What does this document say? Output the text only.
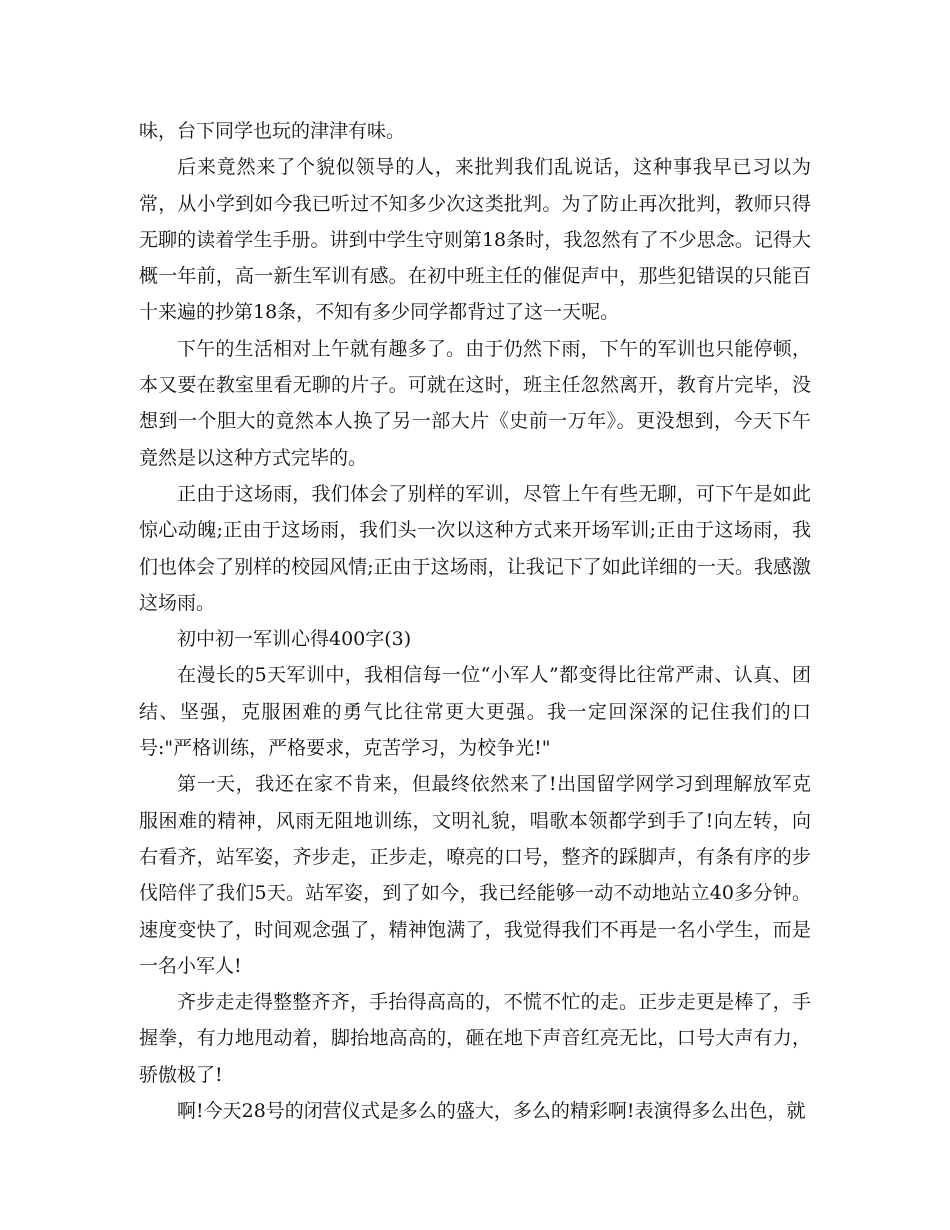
味，台下同学也玩的津津有味。

后来竟然来了个貌似领导的人，来批判我们乱说话，这种事我早已习以为常，从小学到如今我已听过不知多少次这类批判。为了防止再次批判，教师只得无聊的读着学生手册。讲到中学生守则第18条时，我忽然有了不少思念。记得大概一年前，高一新生军训有感。在初中班主任的催促声中，那些犯错误的只能百十来遍的抄第18条，不知有多少同学都背过了这一天呢。

下午的生活相对上午就有趣多了。由于仍然下雨，下午的军训也只能停顿，本又要在教室里看无聊的片子。可就在这时，班主任忽然离开，教育片完毕，没想到一个胆大的竟然本人换了另一部大片《史前一万年》。更没想到，今天下午竟然是以这种方式完毕的。

正由于这场雨，我们体会了别样的军训，尽管上午有些无聊，可下午是如此惊心动魄;正由于这场雨，我们头一次以这种方式来开场军训;正由于这场雨，我们也体会了别样的校园风情;正由于这场雨，让我记下了如此详细的一天。我感激这场雨。

初中初一军训心得400字(3)

在漫长的5天军训中，我相信每一位“小军人”都变得比往常严肃、认真、团结、坚强，克服困难的勇气比往常更大更强。我一定回深深的记住我们的口号:"严格训练，严格要求，克苦学习，为校争光!"

第一天，我还在家不肯来，但最终依然来了!出国留学网学习到理解放军克服困难的精神，风雨无阻地训练，文明礼貌，唱歌本领都学到手了!向左转，向右看齐，站军姿，齐步走，正步走，嘹亮的口号，整齐的踩脚声，有条有序的步伐陪伴了我们5天。站军姿，到了如今，我已经能够一动不动地站立40多分钟。速度变快了，时间观念强了，精神饱满了，我觉得我们不再是一名小学生，而是一名小军人!

齐步走走得整整齐齐，手抬得高高的，不慌不忙的走。正步走更是棒了，手握拳，有力地甩动着，脚抬地高高的，砸在地下声音红亮无比，口号大声有力，骄傲极了!

啊!今天28号的闭营仪式是多么的盛大，多么的精彩啊!表演得多么出色，就
